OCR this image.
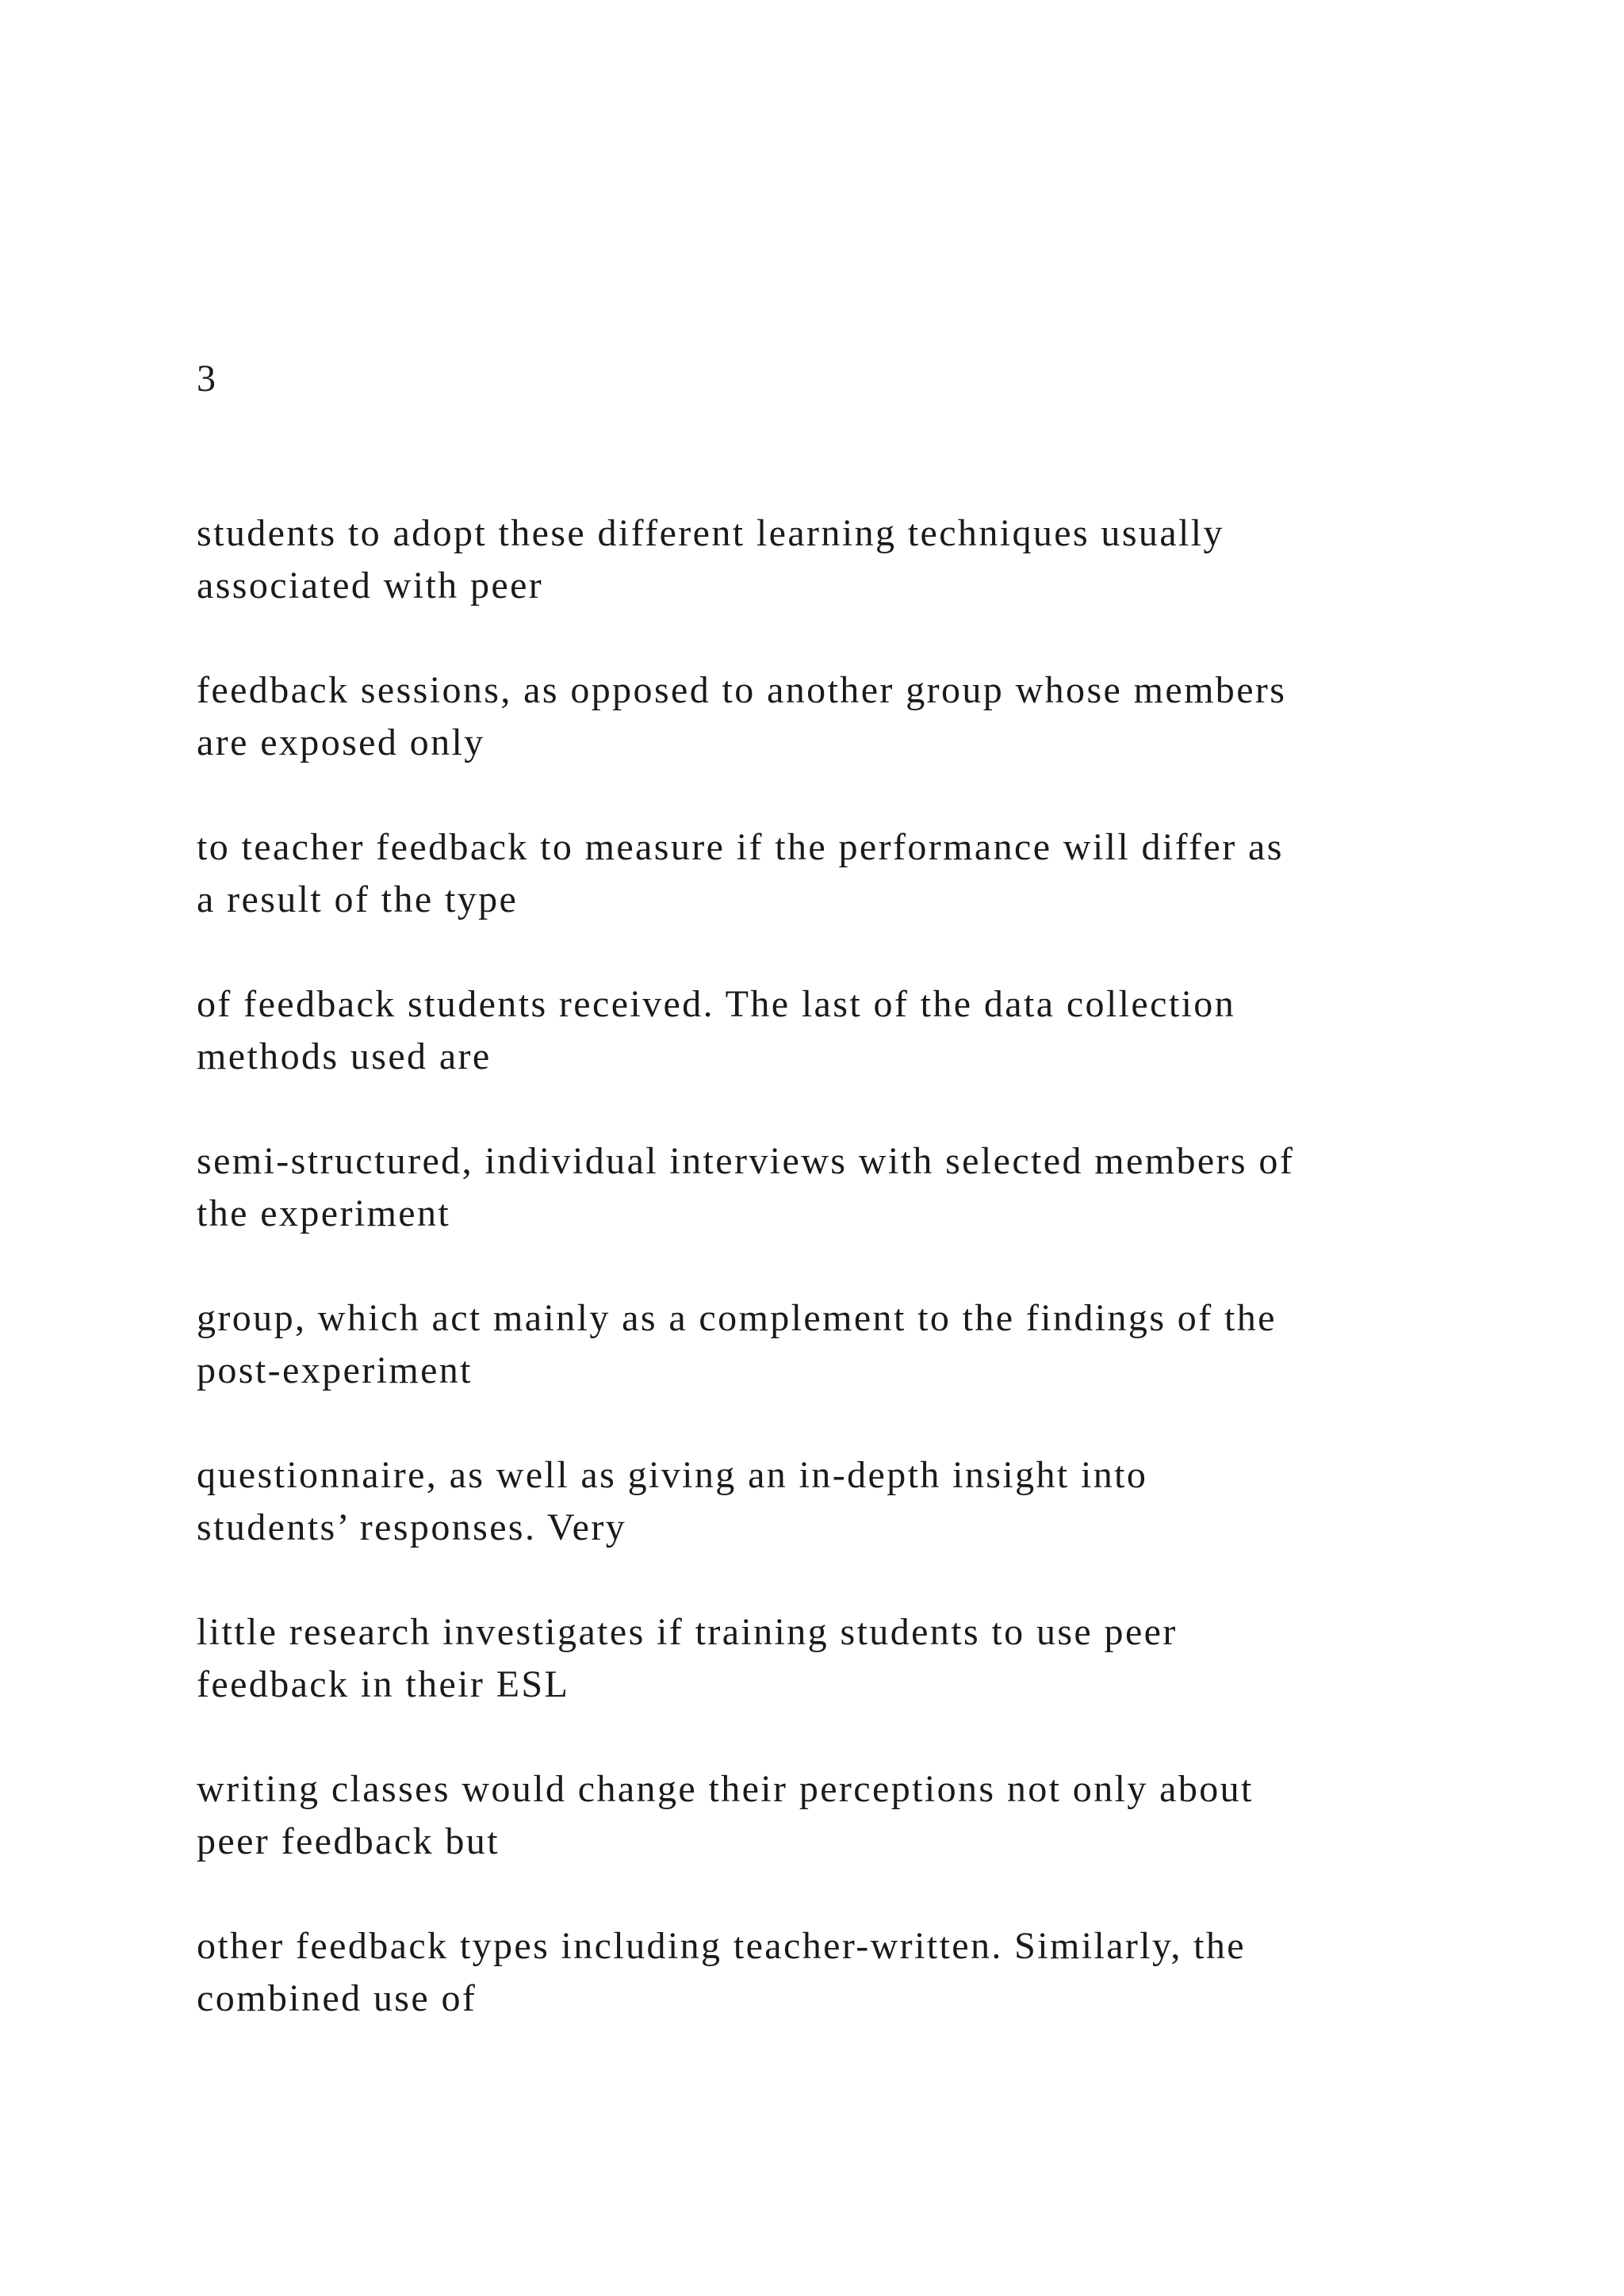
3

students to adopt these different learning techniques usually
associated with peer

feedback sessions, as opposed to another group whose members
are exposed only

to teacher feedback to measure if the performance will differ as
a result of the type

of feedback students received. The last of the data collection
methods used are

semi-structured, individual interviews with selected members of
the experiment

group, which act mainly as a complement to the findings of the
post-experiment

questionnaire, as well as giving an in-depth insight into
students’ responses. Very

little research investigates if training students to use peer
feedback in their ESL

writing classes would change their perceptions not only about
peer feedback but

other feedback types including teacher-written. Similarly, the
combined use of
